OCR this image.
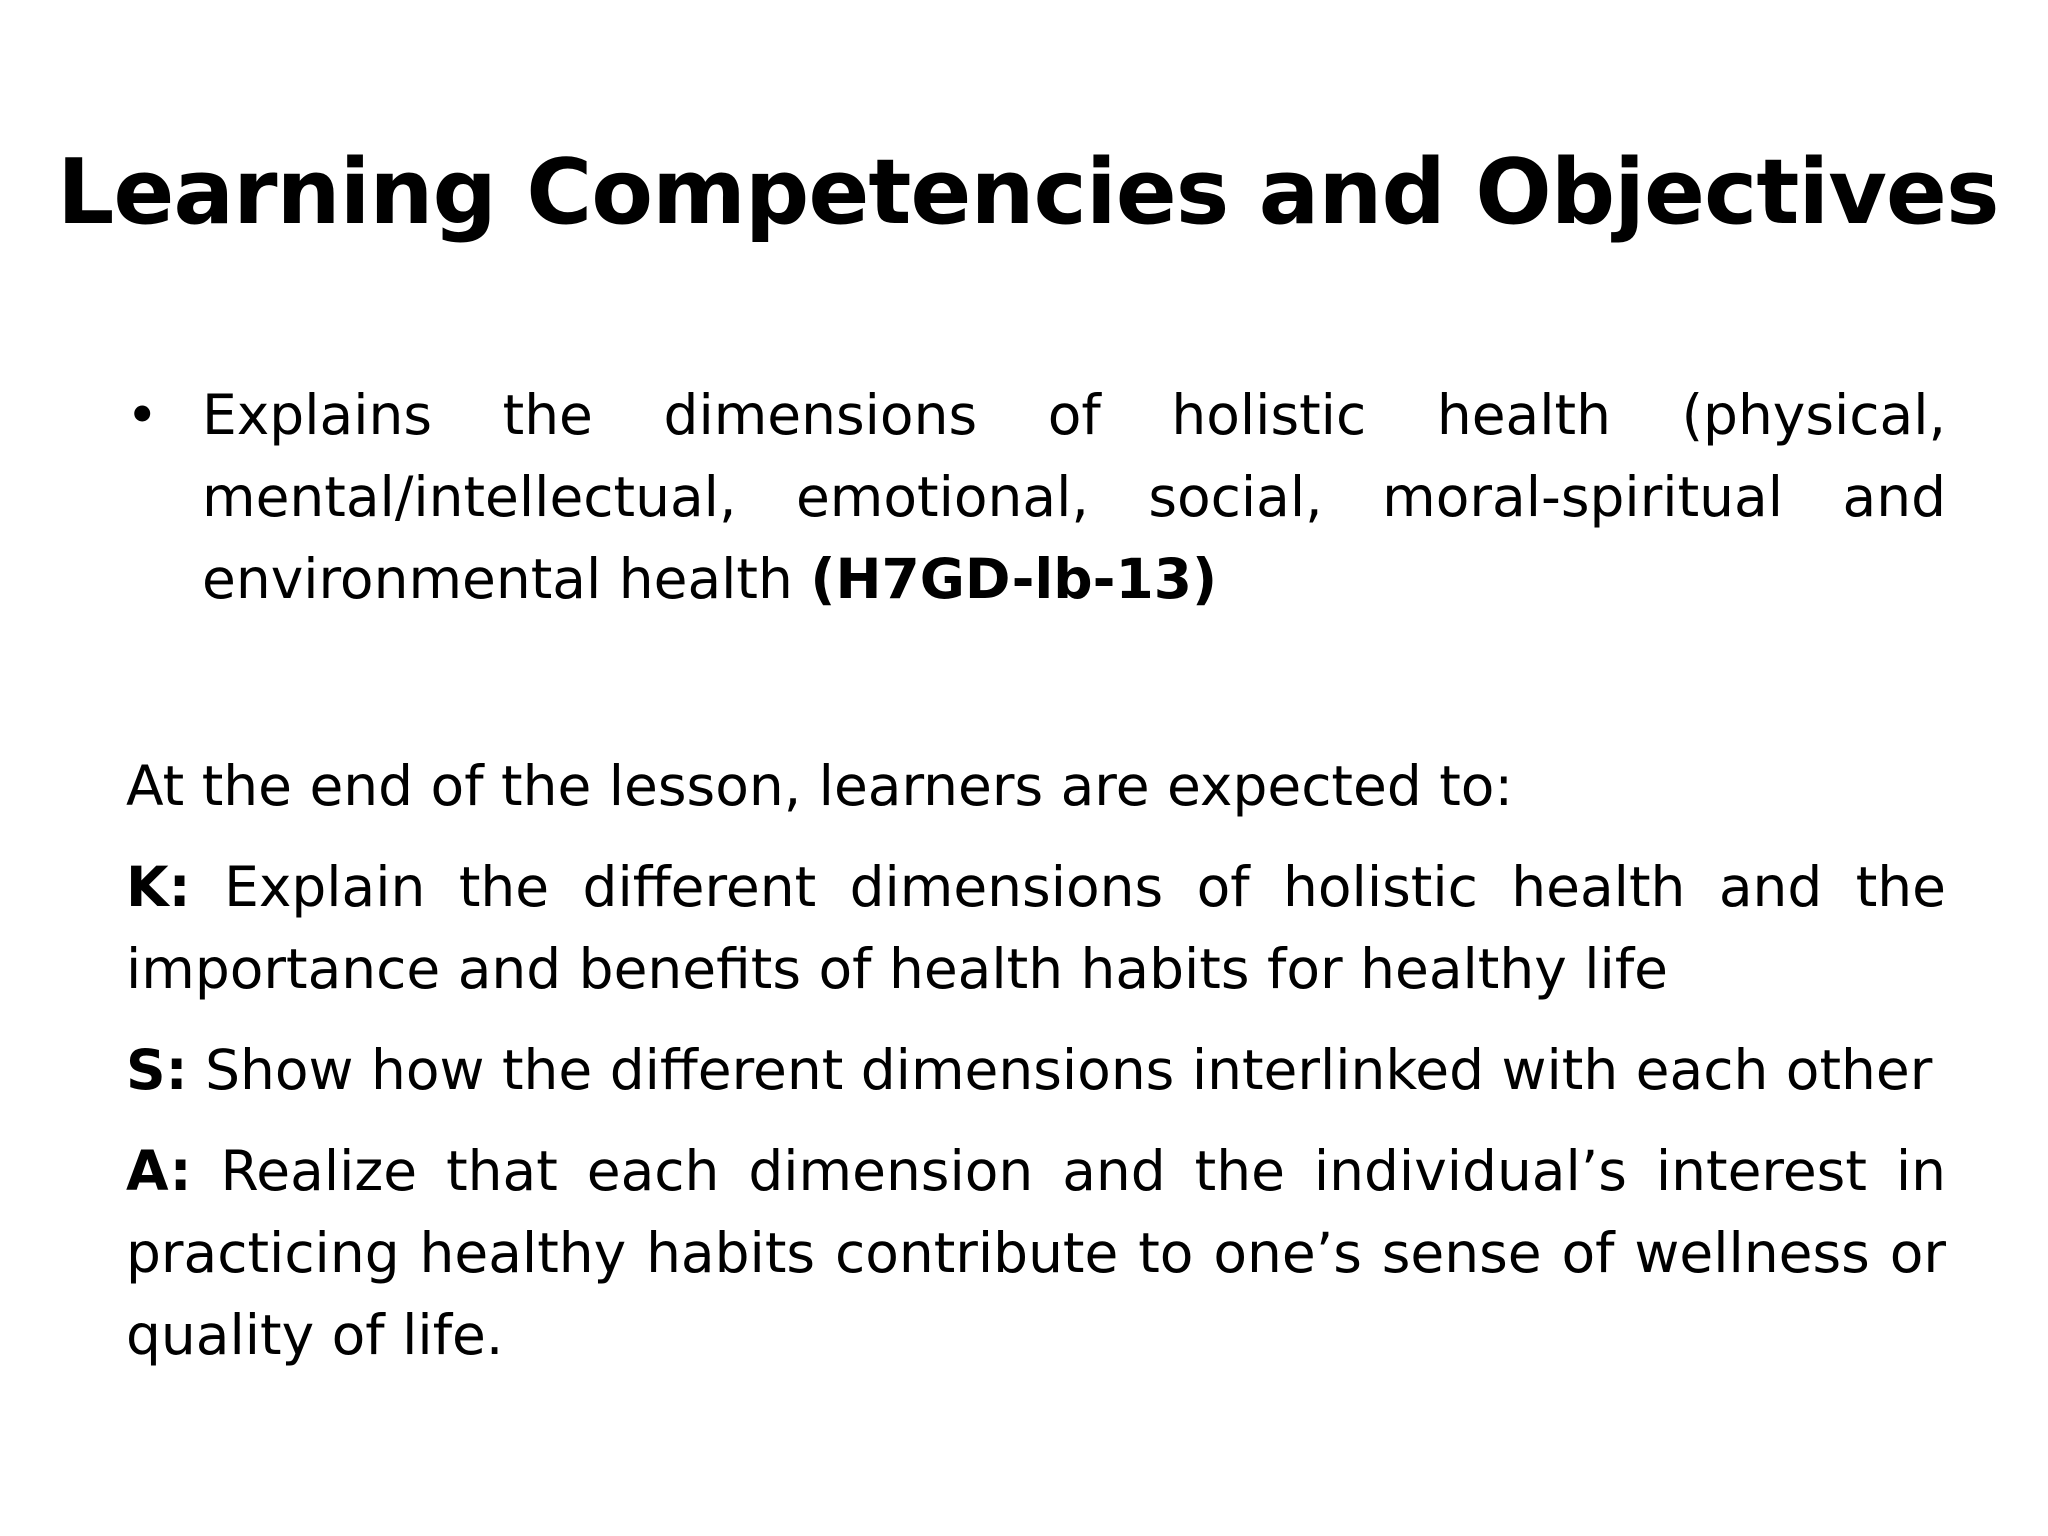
Learning Competencies and Objectives
• Explains the dimensions of holistic health (physical, mental/intellectual, emotional, social, moral-spiritual and environmental health (H7GD-lb-13)
At the end of the lesson, learners are expected to:
K: Explain the different dimensions of holistic health and the importance and benefits of health habits for healthy life
S: Show how the different dimensions interlinked with each other
A: Realize that each dimension and the individual’s interest in practicing healthy habits contribute to one’s sense of wellness or quality of life.
